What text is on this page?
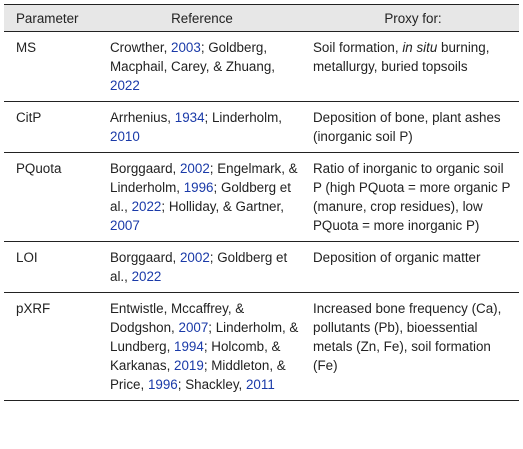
Parameter	Reference	Proxy for:
MS	Crowther, 2003; Goldberg, Macphail, Carey, & Zhuang, 2022	Soil formation, in situ burning, metallurgy, buried topsoils
CitP	Arrhenius, 1934; Linderholm, 2010	Deposition of bone, plant ashes (inorganic soil P)
PQuota	Borggaard, 2002; Engelmark, & Linderholm, 1996; Goldberg et al., 2022; Holliday, & Gartner, 2007	Ratio of inorganic to organic soil P (high PQuota = more organic P (manure, crop residues), low PQuota = more inorganic P)
LOI	Borggaard, 2002; Goldberg et al., 2022	Deposition of organic matter
pXRF	Entwistle, Mccaffrey, & Dodgshon, 2007; Linderholm, & Lundberg, 1994; Holcomb, & Karkanas, 2019; Middleton, & Price, 1996; Shackley, 2011	Increased bone frequency (Ca), pollutants (Pb), bioessential metals (Zn, Fe), soil formation (Fe)
